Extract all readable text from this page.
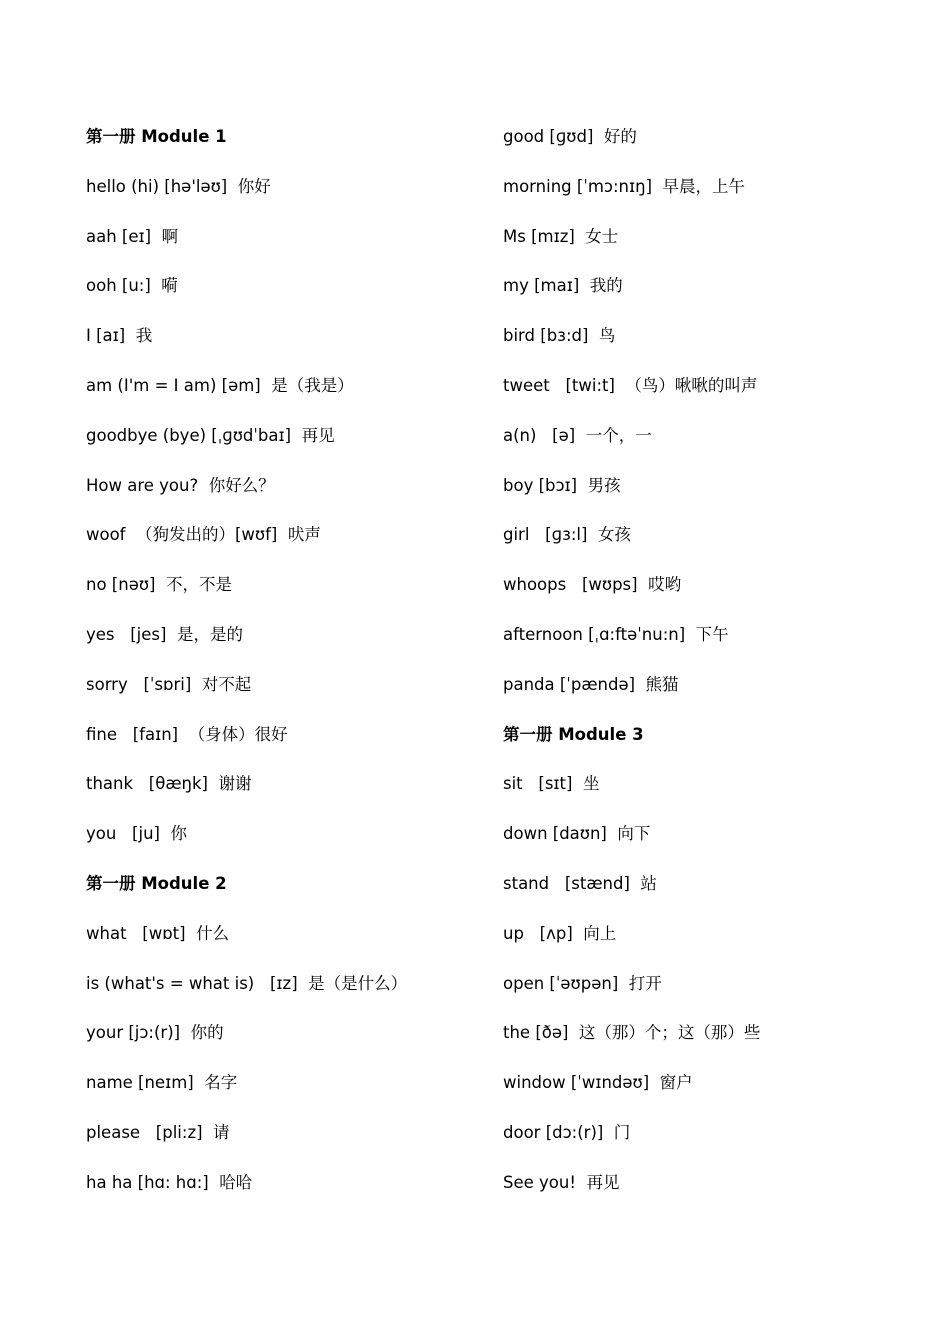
第一册 Module 1
hello (hi) [hə'ləʊ]  你好
aah [eɪ]  啊
ooh [u:]  嗬
I [aɪ]  我
am (I'm = I am) [əm]  是（我是）
goodbye (bye) [ˌɡʊdˈbaɪ]  再见
How are you?  你好么？
woof  （狗发出的）[wʊf]  吠声
no [nəʊ]  不，不是
yes   [jes]  是，是的
sorry   [ˈsɒri]  对不起
fine   [faɪn]  （身体）很好
thank   [θæŋk]  谢谢
you   [ju]  你
第一册 Module 2
what   [wɒt]  什么
is (what's = what is)   [ɪz]  是（是什么）
your [jɔ:(r)]  你的
name [neɪm]  名字
please   [pli:z]  请
ha ha [hɑ: hɑ:]  哈哈
good [ɡʊd]  好的
morning [ˈmɔ:nɪŋ]  早晨，上午
Ms [mɪz]  女士
my [maɪ]  我的
bird [bɜ:d]  鸟
tweet   [twi:t]  （鸟）啾啾的叫声
a(n)   [ə]  一个，一
boy [bɔɪ]  男孩
girl   [ɡɜ:l]  女孩
whoops   [wʊps]  哎哟
afternoon [ˌɑ:ftəˈnu:n]  下午
panda [ˈpændə]  熊猫
第一册 Module 3
sit   [sɪt]  坐
down [daʊn]  向下
stand   [stænd]  站
up   [ʌp]  向上
open [ˈəʊpən]  打开
the [ðə]  这（那）个；这（那）些
window [ˈwɪndəʊ]  窗户
door [dɔ:(r)]  门
See you!  再见
